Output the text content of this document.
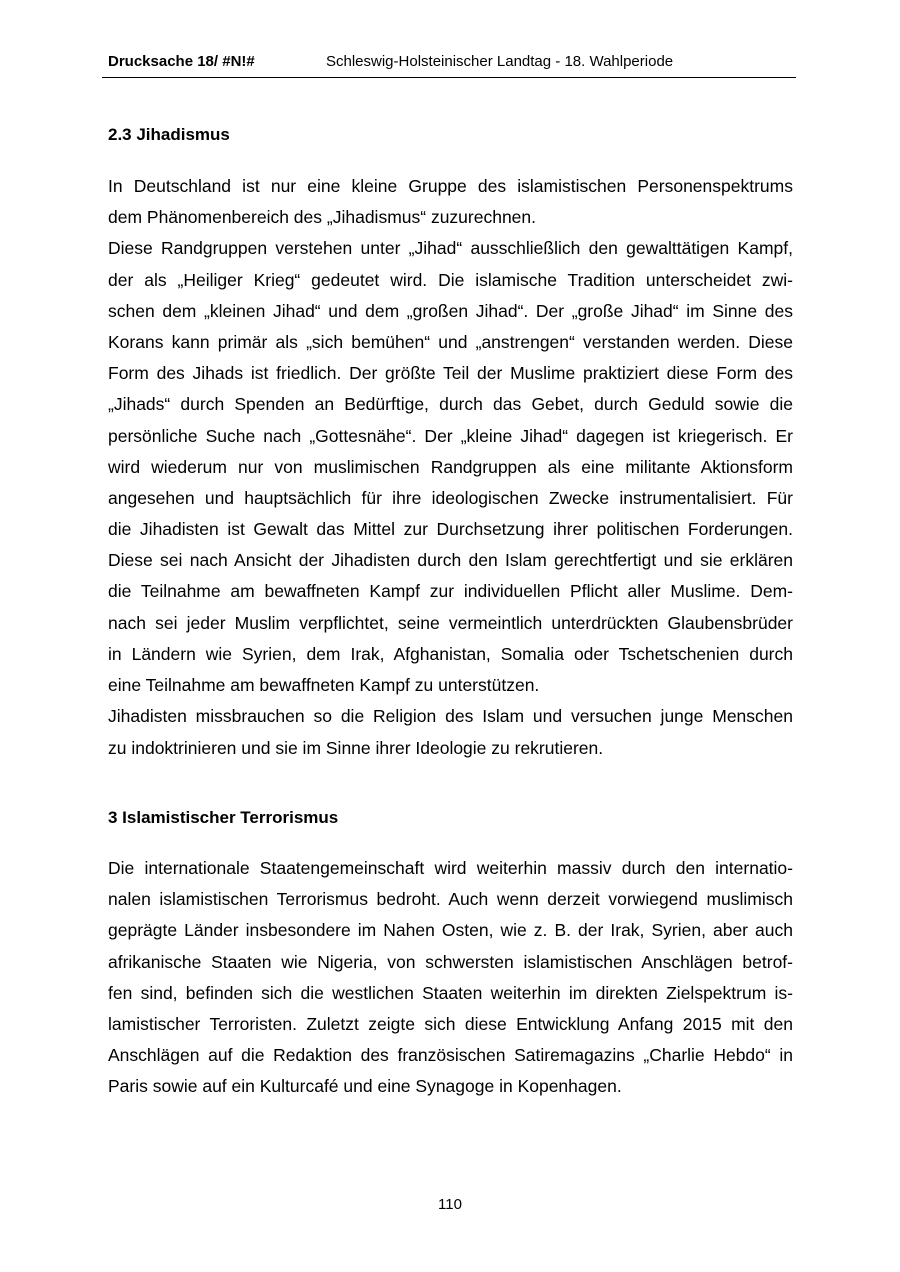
Drucksache 18/ #N!#	Schleswig-Holsteinischer Landtag - 18. Wahlperiode
2.3 Jihadismus
In Deutschland ist nur eine kleine Gruppe des islamistischen Personenspektrums
dem Phänomenbereich des „Jihadismus“ zuzurechnen.
Diese Randgruppen verstehen unter „Jihad“ ausschließlich den gewalttätigen Kampf,
der als „Heiliger Krieg“ gedeutet wird. Die islamische Tradition unterscheidet zwi-
schen dem „kleinen Jihad“ und dem „großen Jihad“. Der „große Jihad“ im Sinne des
Korans kann primär als „sich bemühen“ und „anstrengen“ verstanden werden. Diese
Form des Jihads ist friedlich. Der größte Teil der Muslime praktiziert diese Form des
„Jihads“ durch Spenden an Bedürftige, durch das Gebet, durch Geduld sowie die
persönliche Suche nach „Gottesnähe“. Der „kleine Jihad“ dagegen ist kriegerisch. Er
wird wiederum nur von muslimischen Randgruppen als eine militante Aktionsform
angesehen und hauptsächlich für ihre ideologischen Zwecke instrumentalisiert. Für
die Jihadisten ist Gewalt das Mittel zur Durchsetzung ihrer politischen Forderungen.
Diese sei nach Ansicht der Jihadisten durch den Islam gerechtfertigt und sie erklären
die Teilnahme am bewaffneten Kampf zur individuellen Pflicht aller Muslime. Dem-
nach sei jeder Muslim verpflichtet, seine vermeintlich unterdrückten Glaubensbrüder
in Ländern wie Syrien, dem Irak, Afghanistan, Somalia oder Tschetschenien durch
eine Teilnahme am bewaffneten Kampf zu unterstützen.
Jihadisten missbrauchen so die Religion des Islam und versuchen junge Menschen
zu indoktrinieren und sie im Sinne ihrer Ideologie zu rekrutieren.
3 Islamistischer Terrorismus
Die internationale Staatengemeinschaft wird weiterhin massiv durch den internatio-
nalen islamistischen Terrorismus bedroht. Auch wenn derzeit vorwiegend muslimisch
geprägte Länder insbesondere im Nahen Osten, wie z. B. der Irak, Syrien, aber auch
afrikanische Staaten wie Nigeria, von schwersten islamistischen Anschlägen betrof-
fen sind, befinden sich die westlichen Staaten weiterhin im direkten Zielspektrum is-
lamistischer Terroristen. Zuletzt zeigte sich diese Entwicklung Anfang 2015 mit den
Anschlägen auf die Redaktion des französischen Satiremagazins „Charlie Hebdo“ in
Paris sowie auf ein Kulturcafé und eine Synagoge in Kopenhagen.
110
